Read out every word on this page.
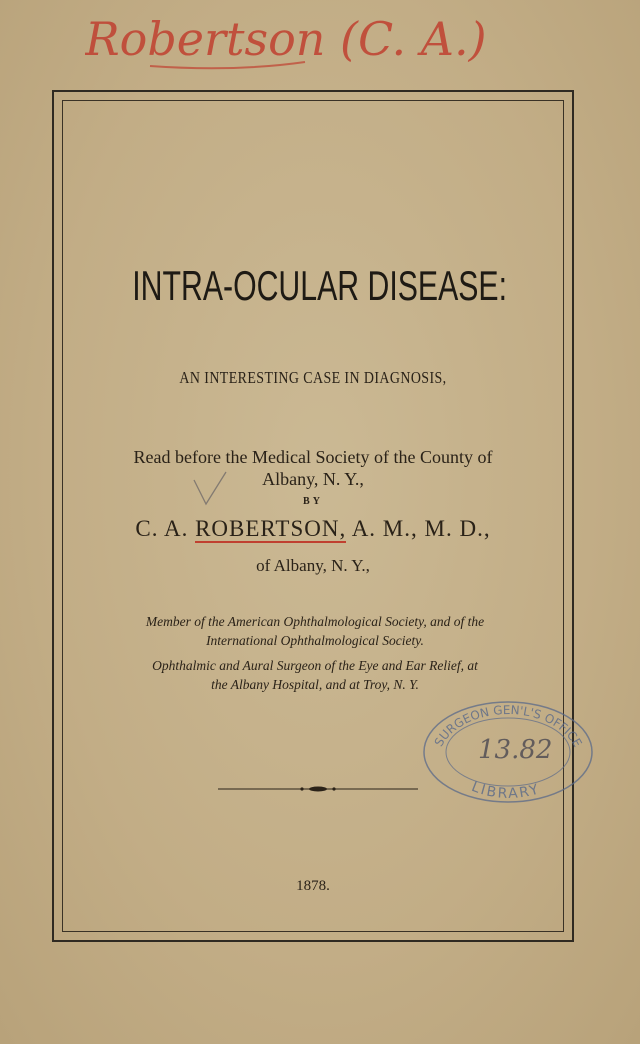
Robertson (C. A.)
INTRA-OCULAR DISEASE:
AN INTERESTING CASE IN DIAGNOSIS,
Read before the Medical Society of the County of
Albany, N. Y.,
BY
C. A. ROBERTSON, A. M., M. D.,
of Albany, N. Y.,
Member of the American Ophthalmological Society, and of the
International Ophthalmological Society.
Ophthalmic and Aural Surgeon of the Eye and Ear Relief, at
the Albany Hospital, and at Troy, N. Y.
1878.
SURGEON GEN'L'S OFFICE
13.82
LIBRARY
